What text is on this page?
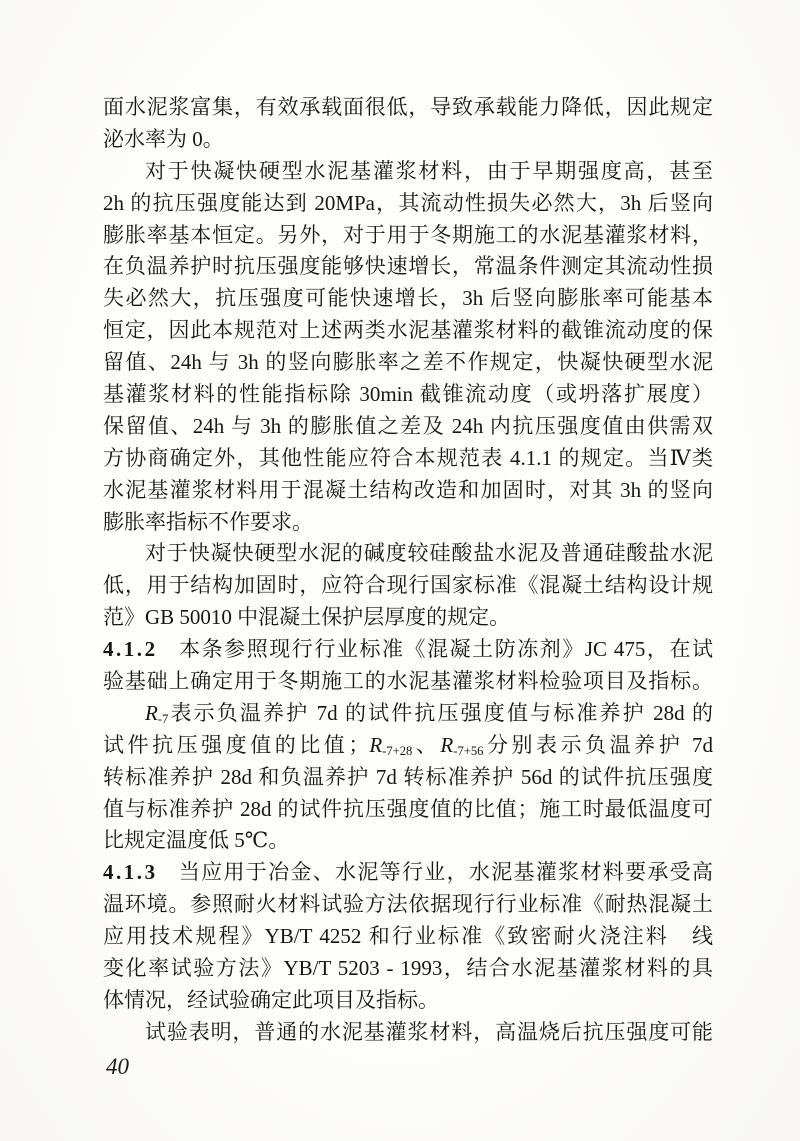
面水泥浆富集，有效承载面很低，导致承载能力降低，因此规定
泌水率为 0。
对于快凝快硬型水泥基灌浆材料，由于早期强度高，甚至
2h 的抗压强度能达到 20MPa，其流动性损失必然大，3h 后竖向
膨胀率基本恒定。另外，对于用于冬期施工的水泥基灌浆材料，
在负温养护时抗压强度能够快速增长，常温条件测定其流动性损
失必然大，抗压强度可能快速增长，3h 后竖向膨胀率可能基本
恒定，因此本规范对上述两类水泥基灌浆材料的截锥流动度的保
留值、24h 与 3h 的竖向膨胀率之差不作规定，快凝快硬型水泥
基灌浆材料的性能指标除 30min 截锥流动度（或坍落扩展度）
保留值、24h 与 3h 的膨胀值之差及 24h 内抗压强度值由供需双
方协商确定外，其他性能应符合本规范表 4.1.1 的规定。当Ⅳ类
水泥基灌浆材料用于混凝土结构改造和加固时，对其 3h 的竖向
膨胀率指标不作要求。
对于快凝快硬型水泥的碱度较硅酸盐水泥及普通硅酸盐水泥
低，用于结构加固时，应符合现行国家标准《混凝土结构设计规
范》GB 50010 中混凝土保护层厚度的规定。
4.1.2 本条参照现行行业标准《混凝土防冻剂》JC 475，在试
验基础上确定用于冬期施工的水泥基灌浆材料检验项目及指标。
$R_{-7}$表示负温养护 7d 的试件抗压强度值与标准养护 28d 的
试件抗压强度值的比值；$R_{-7+28}$、$R_{-7+56}$分别表示负温养护 7d
转标准养护 28d 和负温养护 7d 转标准养护 56d 的试件抗压强度
值与标准养护 28d 的试件抗压强度值的比值；施工时最低温度可
比规定温度低 5℃。
4.1.3 当应用于冶金、水泥等行业，水泥基灌浆材料要承受高
温环境。参照耐火材料试验方法依据现行行业标准《耐热混凝土
应用技术规程》YB/T 4252 和行业标准《致密耐火浇注料　线
变化率试验方法》YB/T 5203 - 1993，结合水泥基灌浆材料的具
体情况，经试验确定此项目及指标。
试验表明，普通的水泥基灌浆材料，高温烧后抗压强度可能
40
